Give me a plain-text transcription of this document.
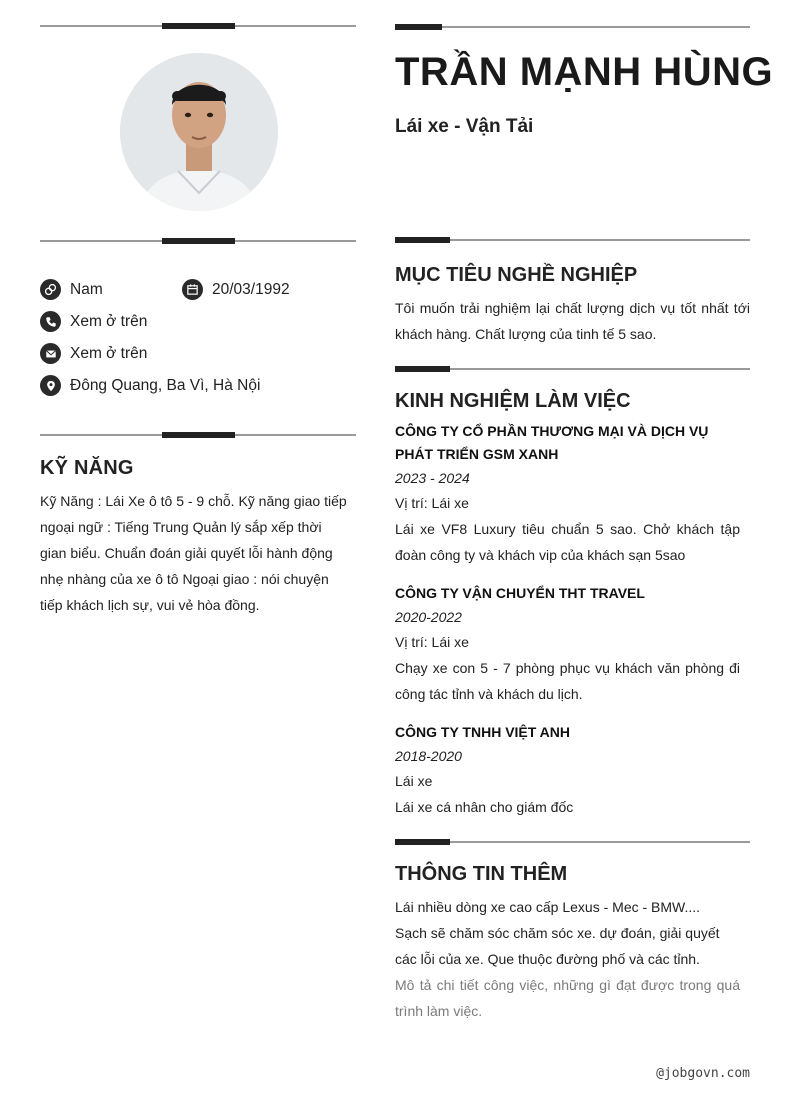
Nam	20/03/1992
Xem ở trên
Xem ở trên
Đông Quang, Ba Vì, Hà Nội
KỸ NĂNG
Kỹ Năng : Lái Xe ô tô 5 - 9 chỗ. Kỹ năng giao tiếp ngoại ngữ : Tiếng Trung Quản lý sắp xếp thời gian biểu. Chuẩn đoán giải quyết lỗi hành động nhẹ nhàng của xe ô tô Ngoại giao : nói chuyện tiếp khách lịch sự, vui vẻ hòa đồng.
TRẦN MẠNH HÙNG
Lái xe - Vận Tải
MỤC TIÊU NGHỀ NGHIỆP
Tôi muốn trải nghiệm lại chất lượng dịch vụ tốt nhất tới khách hàng. Chất lượng của tinh tế 5 sao.
KINH NGHIỆM LÀM VIỆC
CÔNG TY CỔ PHẦN THƯƠNG MẠI VÀ DỊCH VỤ PHÁT TRIỂN GSM XANH
2023 - 2024
Vị trí: Lái xe
Lái xe VF8 Luxury tiêu chuẩn 5 sao. Chở khách tập đoàn công ty và khách vip của khách sạn 5sao
CÔNG TY VẬN CHUYỂN THT TRAVEL
2020-2022
Vị trí: Lái xe
Chạy xe con 5 - 7 phòng phục vụ khách văn phòng đi công tác tỉnh và khách du lịch.
CÔNG TY TNHH VIỆT ANH
2018-2020
Lái xe
Lái xe cá nhân cho giám đốc
THÔNG TIN THÊM
Lái nhiều dòng xe cao cấp Lexus - Mec - BMW.... Sạch sẽ chăm sóc chăm sóc xe. dự đoán, giải quyết các lỗi của xe. Que thuộc đường phố và các tỉnh.
Mô tả chi tiết công việc, những gì đạt được trong quá trình làm việc.
@jobgovn.com
